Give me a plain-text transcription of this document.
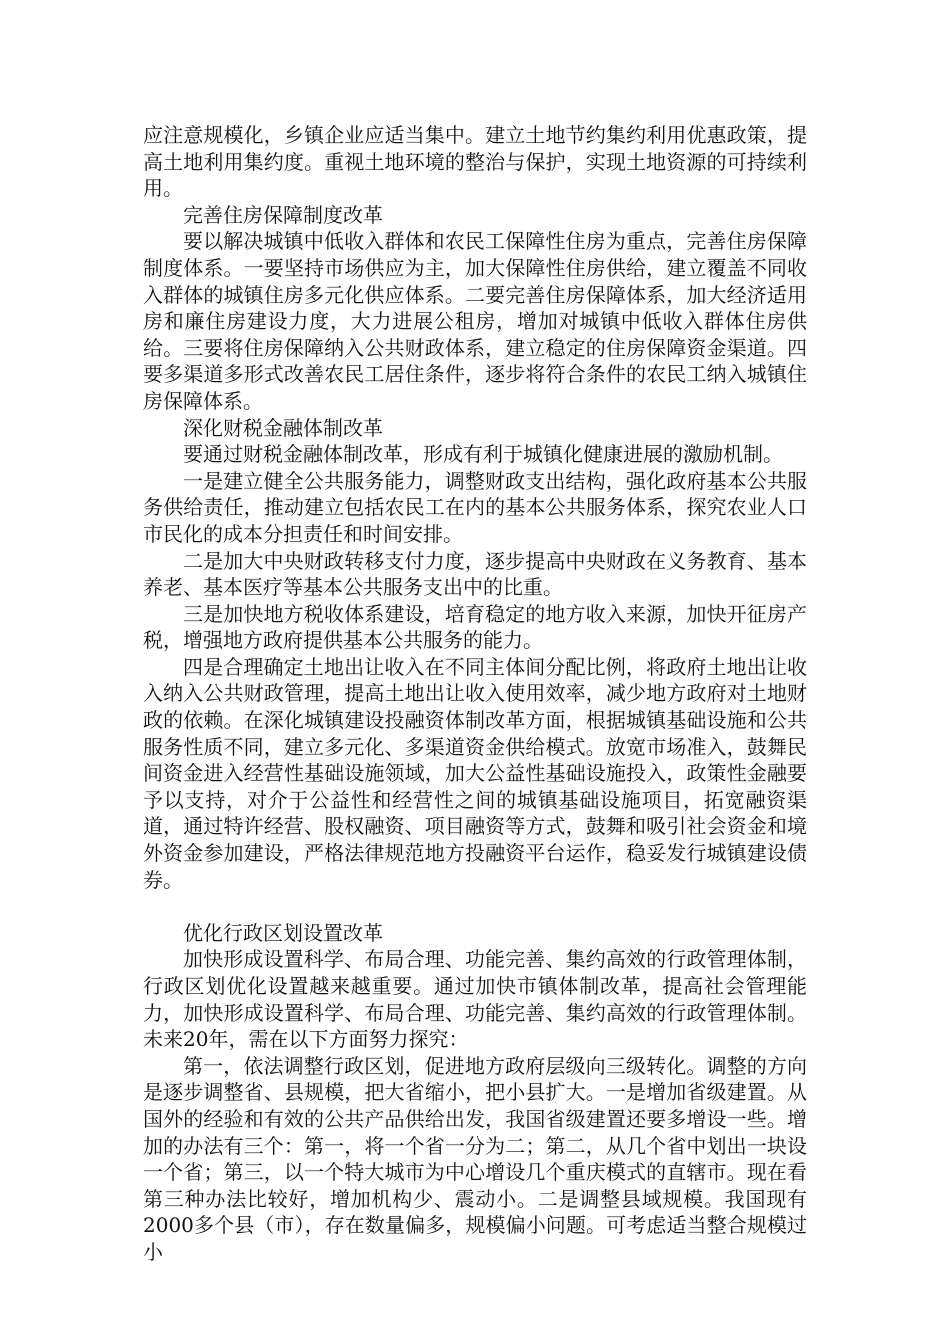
应注意规模化，乡镇企业应适当集中。建立土地节约集约利用优惠政策，提高土地利用集约度。重视土地环境的整治与保护，实现土地资源的可持续利用。

完善住房保障制度改革

要以解决城镇中低收入群体和农民工保障性住房为重点，完善住房保障制度体系。一要坚持市场供应为主，加大保障性住房供给，建立覆盖不同收入群体的城镇住房多元化供应体系。二要完善住房保障体系，加大经济适用房和廉住房建设力度，大力进展公租房，增加对城镇中低收入群体住房供给。三要将住房保障纳入公共财政体系，建立稳定的住房保障资金渠道。四要多渠道多形式改善农民工居住条件，逐步将符合条件的农民工纳入城镇住房保障体系。

深化财税金融体制改革

要通过财税金融体制改革，形成有利于城镇化健康进展的激励机制。

一是建立健全公共服务能力，调整财政支出结构，强化政府基本公共服务供给责任，推动建立包括农民工在内的基本公共服务体系，探究农业人口市民化的成本分担责任和时间安排。

二是加大中央财政转移支付力度，逐步提高中央财政在义务教育、基本养老、基本医疗等基本公共服务支出中的比重。

三是加快地方税收体系建设，培育稳定的地方收入来源，加快开征房产税，增强地方政府提供基本公共服务的能力。

四是合理确定土地出让收入在不同主体间分配比例，将政府土地出让收入纳入公共财政管理，提高土地出让收入使用效率，减少地方政府对土地财政的依赖。在深化城镇建设投融资体制改革方面，根据城镇基础设施和公共服务性质不同，建立多元化、多渠道资金供给模式。放宽市场准入，鼓舞民间资金进入经营性基础设施领域，加大公益性基础设施投入，政策性金融要予以支持，对介于公益性和经营性之间的城镇基础设施项目，拓宽融资渠道，通过特许经营、股权融资、项目融资等方式，鼓舞和吸引社会资金和境外资金参加建设，严格法律规范地方投融资平台运作，稳妥发行城镇建设债券。

优化行政区划设置改革

加快形成设置科学、布局合理、功能完善、集约高效的行政管理体制，行政区划优化设置越来越重要。通过加快市镇体制改革，提高社会管理能力，加快形成设置科学、布局合理、功能完善、集约高效的行政管理体制。未来20年，需在以下方面努力探究：

第一，依法调整行政区划，促进地方政府层级向三级转化。调整的方向是逐步调整省、县规模，把大省缩小，把小县扩大。一是增加省级建置。从国外的经验和有效的公共产品供给出发，我国省级建置还要多增设一些。增加的办法有三个：第一，将一个省一分为二；第二，从几个省中划出一块设一个省；第三，以一个特大城市为中心增设几个重庆模式的直辖市。现在看第三种办法比较好，增加机构少、震动小。二是调整县域规模。我国现有2000多个县（市），存在数量偏多，规模偏小问题。可考虑适当整合规模过小
